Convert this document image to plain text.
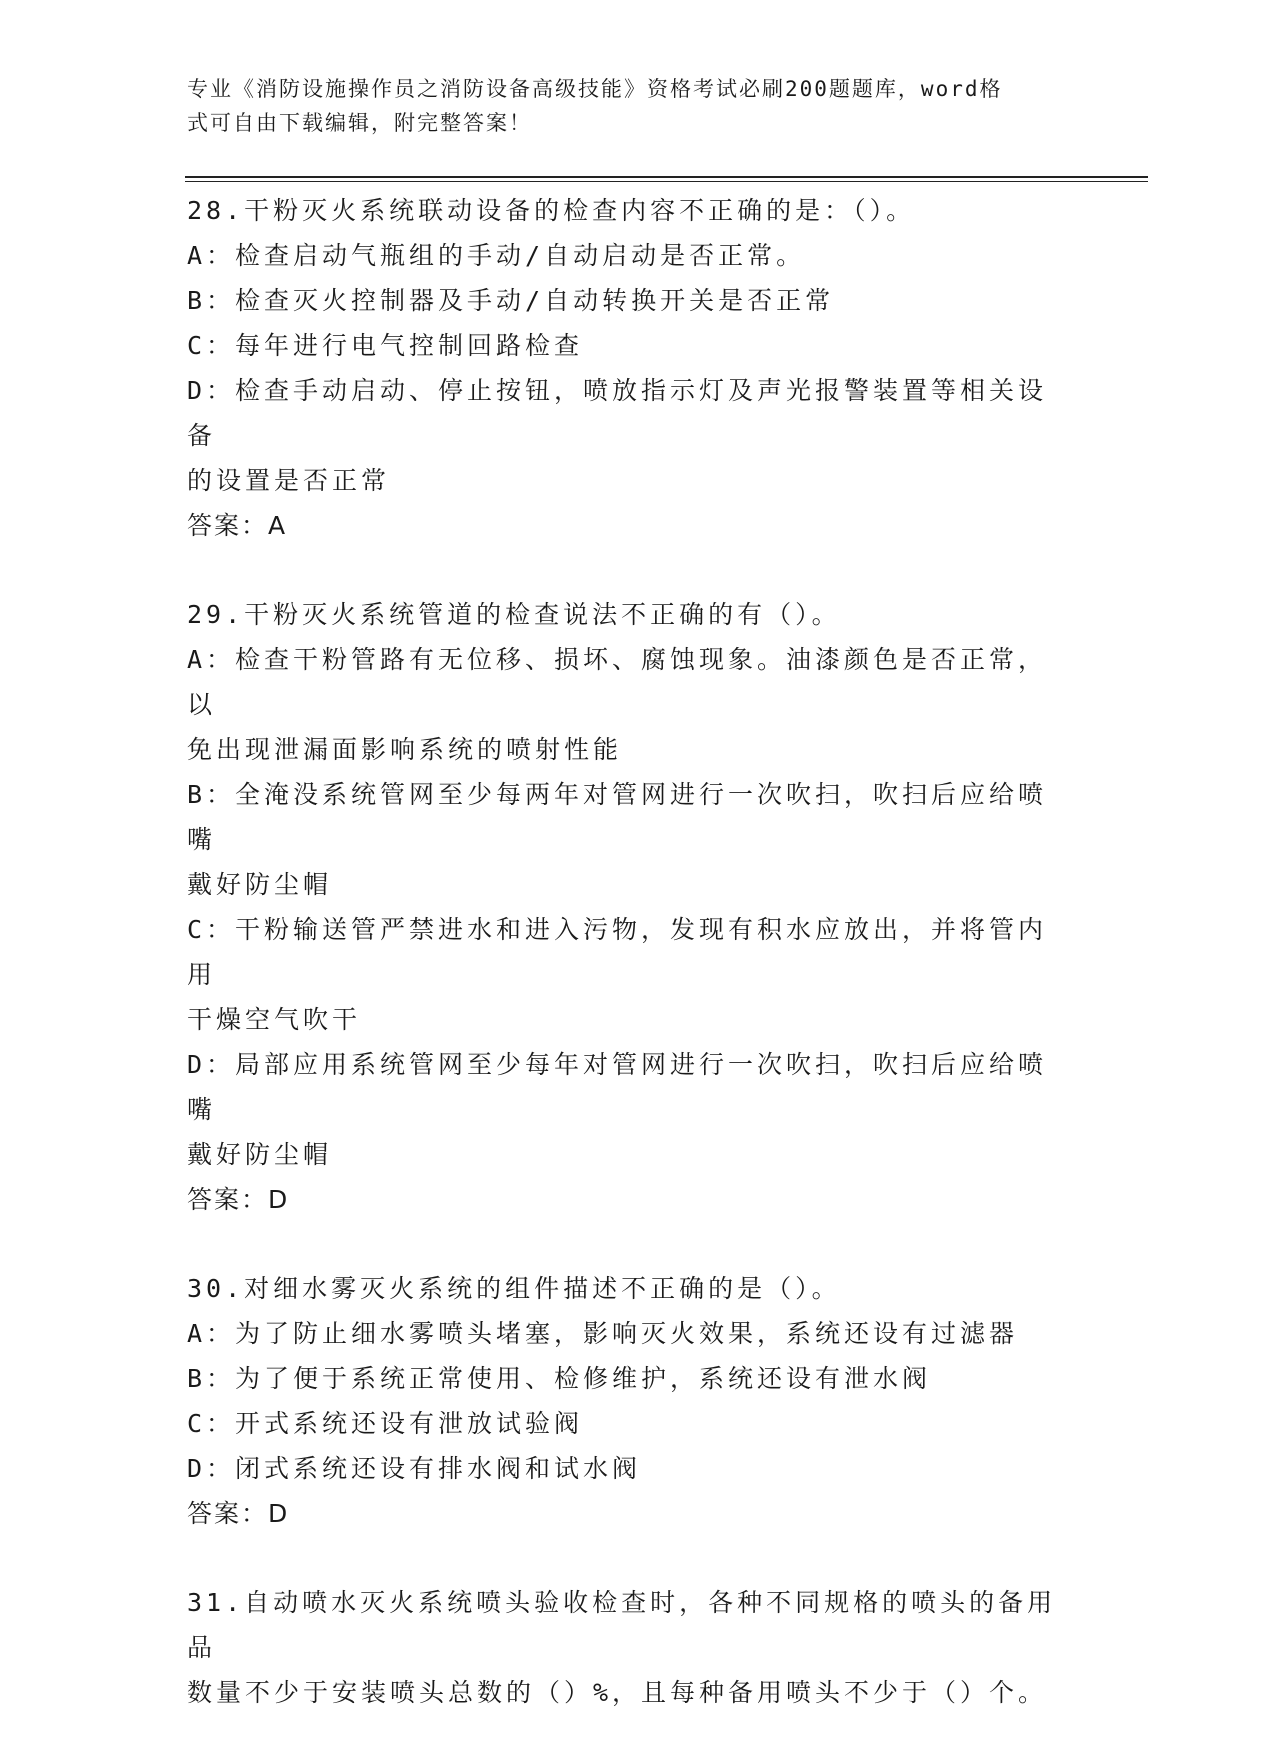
专业《消防设施操作员之消防设备高级技能》资格考试必刷200题题库，word格
式可自由下载编辑，附完整答案！
28.干粉灭火系统联动设备的检查内容不正确的是：（）。
A：检查启动气瓶组的手动/自动启动是否正常。
B：检查灭火控制器及手动/自动转换开关是否正常
C：每年进行电气控制回路检查
D：检查手动启动、停止按钮，喷放指示灯及声光报警装置等相关设备
的设置是否正常
答案：A
29.干粉灭火系统管道的检查说法不正确的有（）。
A：检查干粉管路有无位移、损坏、腐蚀现象。油漆颜色是否正常，以
免出现泄漏面影响系统的喷射性能
B：全淹没系统管网至少每两年对管网进行一次吹扫，吹扫后应给喷嘴
戴好防尘帽
C：干粉输送管严禁进水和进入污物，发现有积水应放出，并将管内用
干燥空气吹干
D：局部应用系统管网至少每年对管网进行一次吹扫，吹扫后应给喷嘴
戴好防尘帽
答案：D
30.对细水雾灭火系统的组件描述不正确的是（）。
A：为了防止细水雾喷头堵塞，影响灭火效果，系统还设有过滤器
B：为了便于系统正常使用、检修维护，系统还设有泄水阀
C：开式系统还设有泄放试验阀
D：闭式系统还设有排水阀和试水阀
答案：D
31.自动喷水灭火系统喷头验收检查时，各种不同规格的喷头的备用品
数量不少于安装喷头总数的（）%，且每种备用喷头不少于（）个。
